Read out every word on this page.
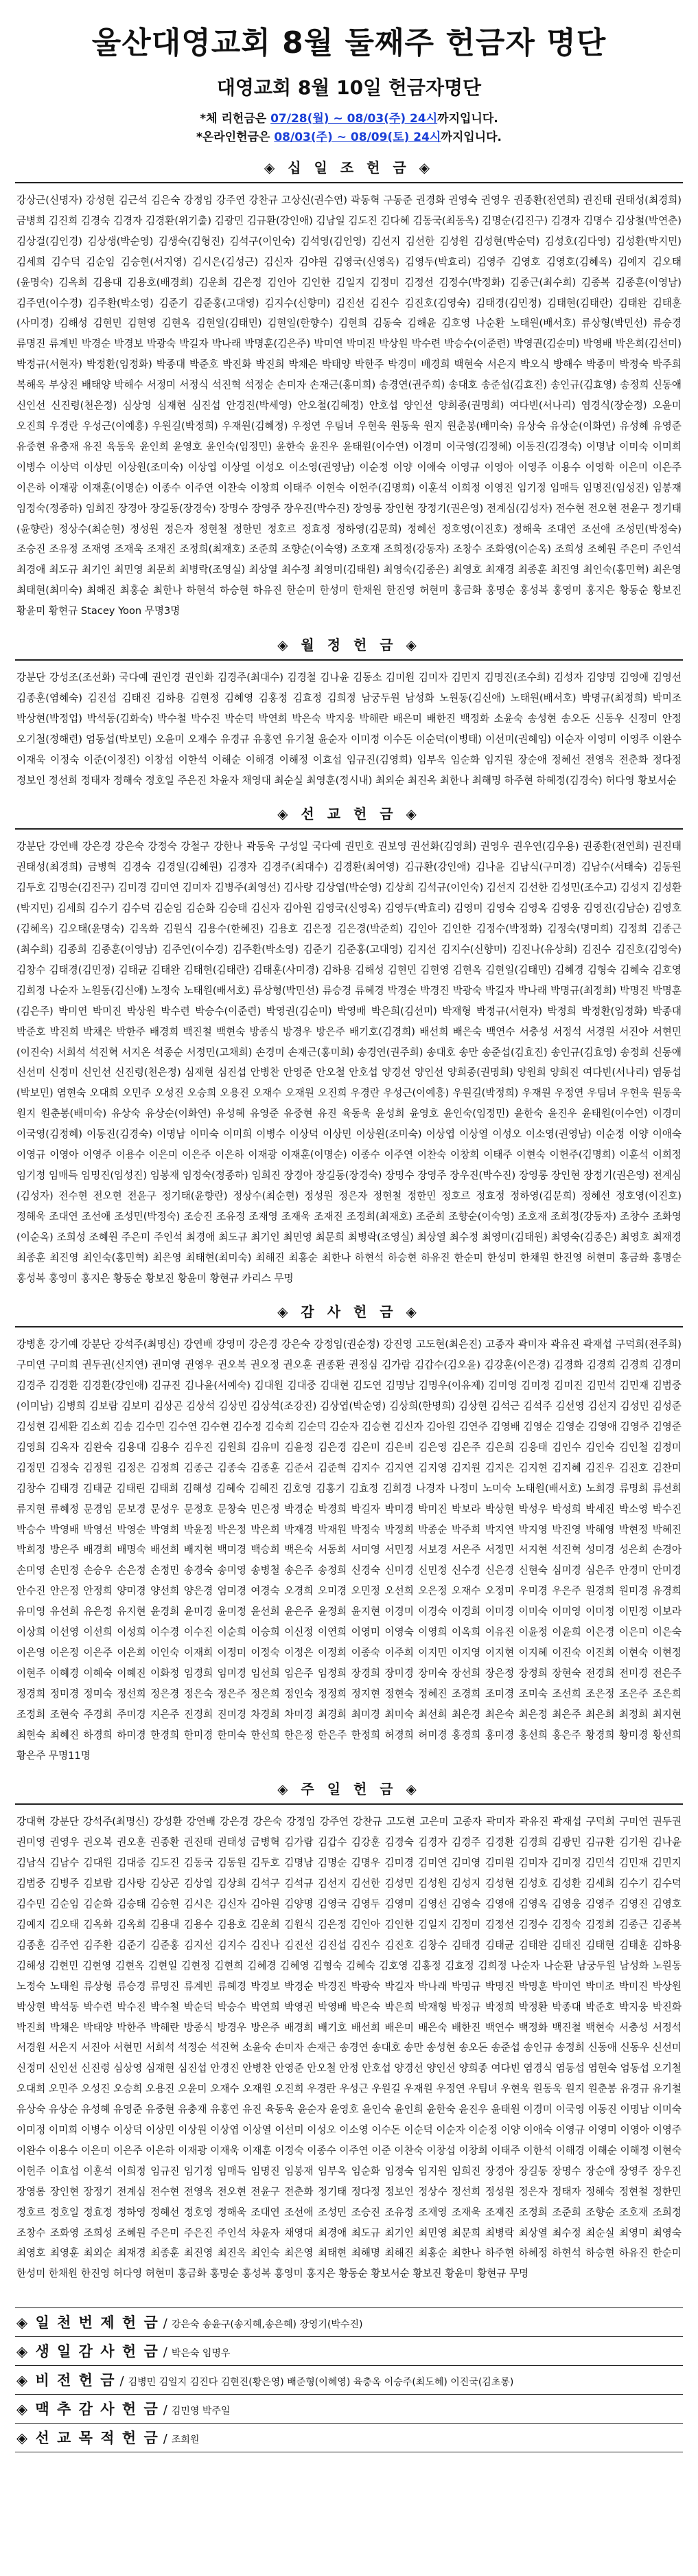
울산대영교회 8월 둘째주 헌금자 명단
대영교회 8월 10일 헌금자명단
*체 리헌금은 07/28(월) ~ 08/03(주) 24시까지입니다.
*온라인헌금은 08/03(주) ~ 08/09(토) 24시까지입니다.
◈ 십 일 조 헌 금 ◈

강상근(신명자) 강성현 김근석 김은숙 강정임 강주연 강찬규 고상신(권수연) 곽동혁 구동준 권경화 권영숙 권영우 권종환(전연희) 권진태 권태성(최경희) 금병희 김진희 김경숙 김경자 김경환(위기출) 김광민 김규환(강인애) 김남일 김도진 김다혜 김동국(최동옥) 김명순(김진구) 김경자 김명수 김상철(박연춘) 김상걸(김인경) 김상생(박순영) 김생숙(김형진) 김석구(이인숙) 김석영(김인영) 김선지 김선한 김성원 김성현(박순덕) 김성호(김다영) 김성환(박지민) 김세희 김수덕 김순임 김승현(서지영) 김시은(김성근) 김신자 김야원 김영국(신영옥) 김영두(박효리) 김영주 김영호 김영호(김혜옥) 김예지 김오태(윤명숙) 김옥희 김용대 김용호(배경희) 김운희 김은정 김인아 김인한 김일지 김정미 김정선 김정수(박정화) 김종근(최수희) 김종복 김종훈(이영남) 김주연(이수경) 김주환(박소영) 김준기 김준홍(고대영) 김지수(신향미) 김진선 김진수 김진호(김영숙) 김태경(김민정) 김태현(김태란) 김태완 김태훈(사미경) 김해성 김현민 김현영 김현옥 김현일(김태민) 김현일(한향수) 김현희 김동숙 김해윤 김호영 나순환 노태원(배서호) 류상형(박민선) 류승경 류명진 류계빈 박경순 박경보 박광숙 박길자 박나래 박명훈(김은주) 박미연 박미진 박상원 박수련 박승수(이준련) 박영권(김순미) 박영배 박은희(김선미) 박정규(서현자) 박정환(임정화) 박종대 박준호 박진화 박진희 박채은 박태양 박한주 박경미 배경희 백현숙 서은지 박오식 방해수 박종미 박정숙 박주희 복해옥 부상진 배태양 박해수 서정미 서정식 석진혁 석정순 손미자 손재근(홍미희) 송경연(권주희) 송대호 송준섭(김효진) 송인규(김효영) 송정희 신동애 신인선 신진령(천은정) 심상영 심재현 심진섭 안경진(박세영) 안오철(김혜정) 안호섭 양인선 양희종(권명희) 여다빈(서나리) 염경식(장순정) 오윤미 오진희 우경란 우성근(이예흥) 우원길(박정희) 우재원(김혜정) 우정연 우팀녀 우현욱 원동욱 원지 원춘봉(배미숙) 유상숙 유상순(이화연) 유성혜 유영준 유중현 유충재 유진 육동욱 윤인희 윤영호 윤인숙(임정민) 윤한숙 윤진우 윤태원(이수연) 이경미 이국영(김정혜) 이동진(김경숙) 이명남 이미숙 이미희 이병수 이상덕 이상민 이상원(조미숙) 이상엽 이상열 이성오 이소영(권영남) 이순정 이양 이애숙 이영규 이영아 이영주 이용수 이영학 이은미 이은주 이은하 이재광 이재훈(이명순) 이종수 이주연 이찬숙 이창희 이태주 이현숙 이헌주(김명희) 이훈석 이희정 이영진 임기정 임매득 임명진(임성진) 임봉재 임정숙(정종하) 임희진 장경아 장길동(장경숙) 장명수 장영주 장우진(박수진) 장영롱 장인현 장정기(권은영) 전계심(김성자) 전수현 전오현 전윤구 정기태(윤향란) 정상수(최순현) 정성원 정은자 정현철 정한민 정호르 정효정 정하영(김문희) 정혜선 정호영(이진호) 정해욱 조대연 조선애 조성민(박정숙) 조승진 조유정 조재영 조재욱 조재진 조정희(최재호) 조준희 조향순(이숙영) 조호재 조희정(강동자) 조창수 조화영(이순옥) 조희성 조혜원 주은미 주인석 최경애 최도규 최기인 최민영 최문희 최병락(조영실) 최상열 최수정 최영미(김태원) 최영숙(김종은) 최영호 최재경 최종훈 최진영 최인숙(홍민혁) 최은영 최태현(최미숙) 최해진 최홍순 최한나 하현석 하승현 하유진 한순미 한성미 한채원 한진영 허현미 홍금화 홍명순 홍성복 홍영미 홍지은 황동순 황보진 황윤미 황현규 Stacey Yoon 무명3명

◈ 월 정 헌 금 ◈

강분단 강성조(조선화) 국다예 권인경 권인화 김경주(최대수) 김경철 김나윤 김동소 김미원 김미자 김민지 김명진(조수희) 김성자 김양명 김영애 김영선 김종훈(염혜숙) 김진섭 김태진 김하용 김현정 김혜영 김홍정 김효정 김희정 남궁두원 남성화 노원동(김신애) 노태원(배서호) 박명규(최정희) 박미조 박상현(박정업) 박석동(김화숙) 박수철 박수진 박순덕 박연희 박은숙 박지웅 박해란 배은미 배한진 백정화 소윤숙 송성현 송오돈 신동우 신정미 안정 오기철(정해련) 엄동섭(박보민) 오윤미 오재수 유경규 유홍연 유기철 윤순자 이미정 이수돈 이순덕(이병태) 이선미(권혜임) 이순자 이영미 이영주 이완수 이재욱 이정숙 이준(이정진) 이창섭 이한석 이해순 이해경 이해정 이효섭 임규진(김영희) 임부옥 임순화 임지원 장순애 정혜선 전영옥 전춘화 정다정 정보인 정선희 정태자 정해숙 정호일 주은진 차윤자 채영대 최순실 최영훈(정시내) 최외순 최진옥 최한나 최해명 하주현 하혜정(김경숙) 허다영 황보서순

◈ 선 교 헌 금 ◈

강분단 강연배 강은경 강은숙 강정숙 강철구 강한나 곽동욱 구성일 국다예 권민호 권보영 권선화(김영희) 권영우 권우연(김우용) 권종환(전연희) 권진태 권태성(최경희) 금병혁 김경숙 김경일(김혜원) 김경자 김경주(최대수) 김경환(최여영) 김규환(강인애) 김나윤 김남식(구미경) 김남수(서태숙) 김동원 김두호 김명순(김진구) 김미경 김미연 김미자 김병주(최영선) 김사랑 김상엽(박순영) 김상희 김석규(이인숙) 김선지 김선한 김성민(조수고) 김성지 김성환(박지민) 김세희 김수기 김수덕 김순임 김순화 김승태 김신자 김아원 김영국(신영옥) 김영두(박효리) 김영미 김영숙 김영옥 김영웅 김영진(김남순) 김영호(김혜옥) 김오태(윤명숙) 김옥화 김원식 김용수(한혜진) 김용호 김은정 김은경(박준희) 김인아 김인한 김정수(박정화) 김정숙(명미희) 김정희 김종근(최수희) 김종희 김종훈(이영남) 김주연(이수경) 김주환(박소영) 김준기 김준홍(고대영) 김지선 김지수(신향미) 김진나(유상희) 김진수 김진호(김영숙) 김창수 김태경(김민정) 김태균 김태완 김태현(김태란) 김태훈(사미경) 김하용 김해성 김현민 김현영 김현옥 김현일(김태민) 김혜경 김형숙 김혜숙 김호영 김희정 나순자 노원동(김신애) 노정숙 노태원(배서호) 류상형(박민선) 류승경 류혜경 박경순 박경진 박광숙 박길자 박나래 박명규(최정희) 박명진 박명훈(김은주) 박미연 박미진 박상원 박수련 박승수(이준련) 박영권(김순미) 박영배 박은희(김선미) 박재형 박정규(서현자) 박정희 박정환(임정화) 박종대 박준호 박진희 박채은 박한주 배경희 백진철 백현숙 방종식 방경우 방은주 배기호(김경희) 배선희 배은숙 백연수 서충성 서정석 서경원 서진아 서현민(이진숙) 서희석 석진혁 서지온 석종순 서정민(고채희) 손경미 손재근(홍미희) 송경연(권주희) 송대호 송만 송준섭(김효진) 송인규(김효영) 송정희 신동애 신선미 신정미 신인선 신진령(천은정) 심재현 심진섭 안병찬 안영준 안오철 안호섭 양경선 양인선 양희종(권명희) 양원희 양희진 여다빈(서나리) 염동섭(박보민) 염현숙 오대희 오민주 오성진 오승희 오용진 오재수 오재원 오진희 우경란 우성근(이예흥) 우원길(박정희) 우재원 우정연 우팀녀 우현욱 원동욱 원지 원춘봉(배미숙) 유상숙 유상순(이화연) 유성혜 유영준 유중현 유진 육동욱 윤성희 윤영호 윤인숙(임정민) 윤한숙 윤진우 윤태원(이수연) 이경미 이국영(김정혜) 이동진(김경숙) 이명남 이미숙 이미희 이병수 이상덕 이상민 이상원(조미숙) 이상엽 이상열 이성오 이소영(권영남) 이순정 이양 이애숙 이영규 이영아 이영주 이용수 이은미 이은주 이은하 이재광 이재훈(이명순) 이종수 이주연 이찬숙 이창희 이태주 이현숙 이헌주(김명희) 이훈석 이희정 임기정 임매득 임명진(임성진) 임봉재 임정숙(정종하) 임희진 장경아 장길동(장경숙) 장명수 장영주 장우진(박수진) 장영롱 장인현 장정기(권은영) 전계심(김성자) 전수현 전오현 전윤구 정기태(윤향란) 정상수(최순현) 정성원 정은자 정현철 정한민 정호르 정효정 정하영(김문희) 정혜선 정호영(이진호) 정해욱 조대연 조선애 조성민(박정숙) 조승진 조유정 조재영 조재욱 조재진 조정희(최재호) 조준희 조향순(이숙영) 조호재 조희정(강동자) 조창수 조화영(이순옥) 조희성 조혜원 주은미 주인석 최경애 최도규 최기인 최민영 최문희 최병락(조영실) 최상열 최수정 최영미(김태원) 최영숙(김종은) 최영호 최재경 최종훈 최진영 최인숙(홍민혁) 최은영 최태현(최미숙) 최해진 최홍순 최한나 하현석 하승현 하유진 한순미 한성미 한채원 한진영 허현미 홍금화 홍명순 홍성복 홍영미 홍지은 황동순 황보진 황윤미 황현규 카리스 무명

◈ 감 사 헌 금 ◈

강병훈 강기예 강분단 강석주(최명신) 강연배 강영미 강은경 강은숙 강정임(권순정) 강진영 고도현(최은진) 고종자 곽미자 곽유진 곽재섭 구덕희(전주희) 구미연 구미희 권두권(신지연) 권미영 권영우 권오복 권오정 권오훈 권종환 권정심 김가람 김갑수(김오윤) 김강훈(이은경) 김경화 김경희 김경희 김경미 김경주 김경환 김경환(강인애) 김규진 김나윤(서예숙) 김대원 김대중 김대현 김도연 김명남 김명우(이유제) 김미영 김미정 김미진 김민석 김민재 김범중(이미남) 김병희 김보람 김보미 김상곤 김상석 김상민 김상석(조강진) 김상엽(박순영) 김상희(한명희) 김상현 김석근 김석주 김선영 김선지 김성민 김성준 김성현 김세환 김소희 김송 김수민 김수연 김수현 김수정 김숙희 김순덕 김순자 김승현 김신자 김아원 김연주 김영배 김영순 김영순 김영애 김영주 김영준 김영희 김옥자 김완숙 김용대 김용수 김우진 김원희 김유미 김윤정 김은경 김은미 김은비 김은영 김은주 김은희 김응태 김인수 김인숙 김인철 김정미 김정민 김정숙 김정원 김정은 김정희 김종근 김종숙 김종훈 김준서 김준혁 김지수 김지연 김지영 김지원 김지은 김지현 김지혜 김진우 김진호 김찬미 김창수 김태경 김태균 김태린 김태희 김해성 김혜숙 김혜진 김호영 김홍기 김효정 김희경 나경자 나정미 노미숙 노태원(배서호) 노희경 류명희 류선희 류지현 류혜정 문경임 문보경 문성우 문정호 문창숙 민은정 박경순 박경희 박길자 박미경 박미진 박보라 박상현 박성우 박성희 박세진 박소영 박수진 박승수 박영배 박영선 박영순 박영희 박윤정 박은정 박은희 박재경 박재원 박정숙 박정희 박종순 박주희 박지연 박지영 박진영 박해영 박현정 박혜진 박희정 방은주 배경희 배명숙 배선희 배지현 백미경 백승희 백은숙 서동희 서미영 서민정 서보경 서은주 서정민 서지현 석진혁 성미경 성은희 손경아 손미영 손민정 손승우 손은정 손정민 송경숙 송미영 송병철 송은주 송정희 신경숙 신미경 신민정 신수경 신은경 신현숙 심미경 심은주 안경미 안미경 안수진 안은정 안정희 양미경 양선희 양은경 엄미경 여경숙 오경희 오미경 오민정 오선희 오은정 오재수 오정미 우미경 우은주 원경희 원미경 유경희 유미영 유선희 유은정 유지현 윤경희 윤미경 윤미정 윤선희 윤은주 윤정희 윤지현 이경미 이경숙 이경희 이미경 이미숙 이미영 이미정 이민정 이보라 이상희 이선영 이선희 이성희 이수경 이수진 이순희 이승희 이신정 이연희 이영미 이영숙 이영희 이옥희 이유진 이윤정 이윤희 이은경 이은미 이은숙 이은영 이은정 이은주 이은희 이인숙 이재희 이정미 이정숙 이정은 이정희 이종숙 이주희 이지민 이지영 이지현 이지혜 이진숙 이진희 이현숙 이현정 이현주 이혜경 이혜숙 이혜진 이화정 임경희 임미경 임선희 임은주 임정희 장경희 장미경 장미숙 장선희 장은정 장정희 장현숙 전경희 전미경 전은주 정경희 정미경 정미숙 정선희 정은경 정은숙 정은주 정은희 정인숙 정정희 정지현 정현숙 정혜진 조경희 조미경 조미숙 조선희 조은정 조은주 조은희 조정희 조현숙 주경희 주미경 지은주 진경희 진미경 차경희 차미경 최경희 최미경 최미숙 최선희 최은경 최은숙 최은정 최은주 최은희 최정희 최지현 최현숙 최혜진 하경희 하미경 한경희 한미경 한미숙 한선희 한은정 한은주 한정희 허경희 허미경 홍경희 홍미경 홍선희 홍은주 황경희 황미경 황선희 황은주 무명11명

◈ 주 일 헌 금 ◈

강대혁 강분단 강석주(최명신) 강성환 강연배 강은경 강은숙 강정임 강주연 강찬규 고도현 고은미 고종자 곽미자 곽유진 곽재섭 구덕희 구미연 권두권 권미영 권영우 권오복 권오훈 권종환 권진태 권태성 금병혁 김가람 김갑수 김강훈 김경숙 김경자 김경주 김경환 김경희 김광민 김규환 김기원 김나윤 김남식 김남수 김대원 김대중 김도진 김동국 김동원 김두호 김명남 김명순 김명우 김미경 김미연 김미영 김미원 김미자 김미정 김민석 김민재 김민지 김범중 김병주 김보람 김사랑 김상곤 김상엽 김상희 김석구 김석규 김선지 김선한 김성민 김성원 김성지 김성현 김성호 김성환 김세희 김수기 김수덕 김수민 김순임 김순화 김승태 김승현 김시은 김신자 김아원 김양명 김영국 김영두 김영미 김영선 김영숙 김영애 김영옥 김영웅 김영주 김영진 김영호 김예지 김오태 김옥화 김옥희 김용대 김용수 김용호 김운희 김원식 김은정 김인아 김인한 김일지 김정미 김정선 김정수 김정숙 김정희 김종근 김종복 김종훈 김주연 김주환 김준기 김준홍 김지선 김지수 김진나 김진선 김진섭 김진수 김진호 김창수 김태경 김태균 김태완 김태진 김태현 김태훈 김하용 김해성 김현민 김현영 김현옥 김현일 김현정 김현희 김혜경 김혜영 김형숙 김혜숙 김호영 김홍정 김효정 김희정 나순자 나순환 남궁두원 남성화 노원동 노정숙 노태원 류상형 류승경 류명진 류계빈 류혜경 박경보 박경순 박경진 박광숙 박길자 박나래 박명규 박명진 박명훈 박미연 박미조 박미진 박상원 박상현 박석동 박수련 박수진 박수철 박순덕 박승수 박연희 박영권 박영배 박은숙 박은희 박재형 박정규 박정희 박정환 박종대 박준호 박지웅 박진화 박진희 박채은 박태양 박한주 박해란 방종식 방경우 방은주 배경희 배기호 배선희 배은미 배은숙 배한진 백연수 백정화 백진철 백현숙 서충성 서정석 서경원 서은지 서진아 서현민 서희석 석정순 석진혁 소윤숙 손미자 손재근 송경연 송대호 송만 송성현 송오돈 송준섭 송인규 송정희 신동애 신동우 신선미 신정미 신인선 신진령 심상영 심재현 심진섭 안경진 안병찬 안영준 안오철 안정 안호섭 양경선 양인선 양희종 여다빈 염경식 염동섭 염현숙 엄동섭 오기철 오대희 오민주 오성진 오승희 오용진 오윤미 오재수 오재원 오진희 우경란 우성근 우원길 우재원 우정연 우팀녀 우현욱 원동욱 원지 원춘봉 유경규 유기철 유상숙 유상순 유성혜 유영준 유중현 유충재 유홍연 유진 육동욱 윤순자 윤영호 윤인숙 윤인희 윤한숙 윤진우 윤태원 이경미 이국영 이동진 이명남 이미숙 이미정 이미희 이병수 이상덕 이상민 이상원 이상엽 이상열 이선미 이성오 이소영 이수돈 이순덕 이순자 이순정 이양 이애숙 이영규 이영미 이영아 이영주 이완수 이용수 이은미 이은주 이은하 이재광 이재욱 이재훈 이정숙 이종수 이주연 이준 이찬숙 이창섭 이창희 이태주 이한석 이해경 이해순 이해정 이현숙 이헌주 이효섭 이훈석 이희정 임규진 임기정 임매득 임명진 임봉재 임부옥 임순화 임정숙 임지원 임희진 장경아 장길동 장명수 장순애 장영주 장우진 장영롱 장인현 장정기 전계심 전수현 전영옥 전오현 전윤구 전춘화 정기태 정다정 정보인 정상수 정선희 정성원 정은자 정태자 정해숙 정현철 정한민 정호르 정호일 정효정 정하영 정혜선 정호영 정해욱 조대연 조선애 조성민 조승진 조유정 조재영 조재욱 조재진 조정희 조준희 조향순 조호재 조희정 조창수 조화영 조희성 조혜원 주은미 주은진 주인석 차윤자 채영대 최경애 최도규 최기인 최민영 최문희 최병락 최상열 최수정 최순실 최영미 최영숙 최영호 최영훈 최외순 최재경 최종훈 최진영 최진옥 최인숙 최은영 최태현 최해명 최해진 최홍순 최한나 하주현 하혜정 하현석 하승현 하유진 한순미 한성미 한채원 한진영 허다영 허현미 홍금화 홍명순 홍성복 홍영미 홍지은 황동순 황보서순 황보진 황윤미 황현규 무명

◈ 일 천 번 제 헌 금 / 강은숙 송윤구(송지혜,송은혜) 장영기(박수진)
◈ 생 일 감 사 헌 금 / 박은숙 임명우
◈ 비 전 헌 금 / 김병민 김일지 김진다 김현진(황은영) 배준형(이혜영) 육충옥 이승주(최도혜) 이진국(김초롱)
◈ 맥 추 감 사 헌 금 / 김민영 박주일
◈ 선 교 목 적 헌 금 / 조희원
